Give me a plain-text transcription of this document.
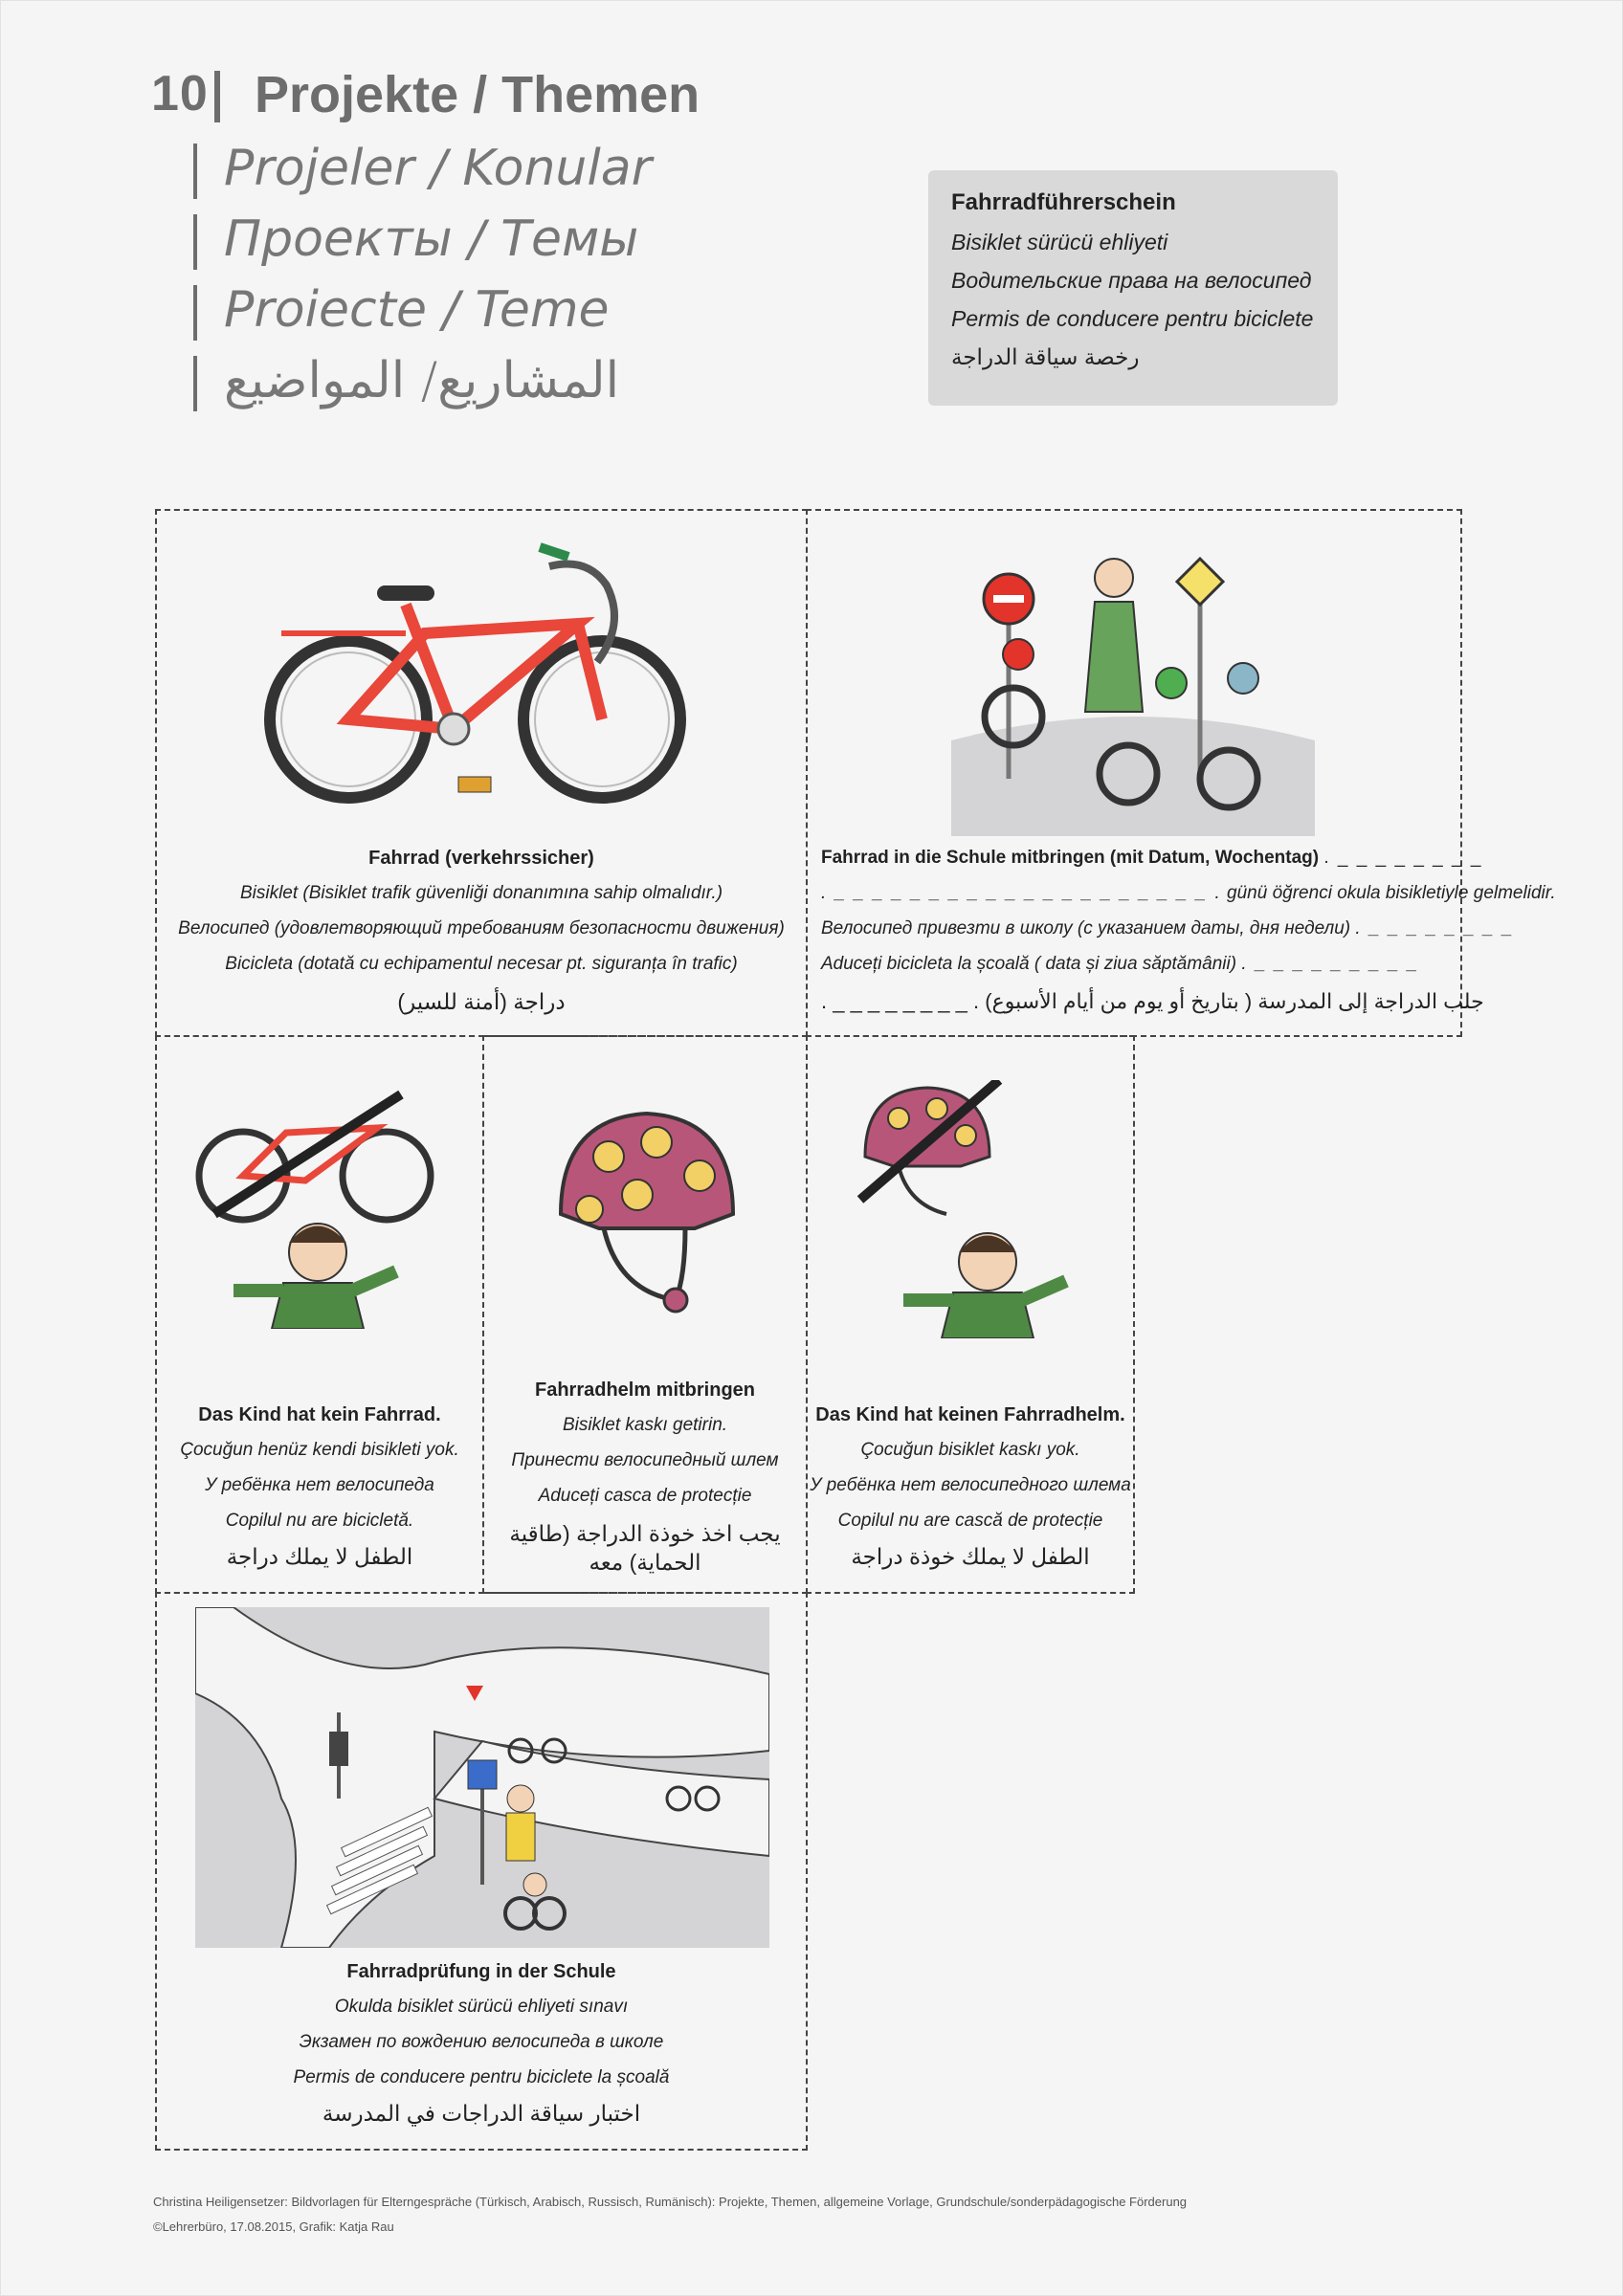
10 Projekte / Themen
Projeler / Konular
Проекты / Темы
Proiecte / Teme
المشاريع/ المواضيع
Fahrradführerschein
Bisiklet sürücü ehliyeti
Водительские права на велосипед
Permis de conducere pentru biciclete
رخصة سياقة الدراجة
Fahrrad (verkehrssicher)
Bisiklet (Bisiklet trafik güvenliği donanımına sahip olmalıdır.)
Велосипед (удовлетворяющий требованиям безопасности движения)
Bicicleta (dotată cu echipamentul necesar pt. siguranța în trafic)
دراجة (أمنة للسير)
Fahrrad in die Schule mitbringen (mit Datum, Wochentag) . _ _ _ _ _ _ _ _
. _ _ _ _ _ _ _ _ _ _ _ _ _ _ _ _ _ _ _ _ . günü öğrenci okula bisikletiyle gelmelidir.
Велосипед привезти в школу (с указанием даты, дня недели) . _ _ _ _ _ _ _ _
Aduceți bicicleta la școală ( data și ziua săptămânii) . _ _ _ _ _ _ _ _ _
. _ _ _ _ _ _ _ _ . جلب الدراجة إلى المدرسة ( بتاريخ أو يوم من أيام الأسبوع)
Das Kind hat kein Fahrrad.
Çocuğun henüz kendi bisikleti yok.
У ребёнка нет велосипеда
Copilul nu are bicicletă.
الطفل لا يملك دراجة
Fahrradhelm mitbringen
Bisiklet kaskı getirin.
Принести велосипедный шлем
Aduceți casca de protecție
يجب اخذ خوذة الدراجة (طاقية
الحماية) معه
Das Kind hat keinen Fahrradhelm.
Çocuğun bisiklet kaskı yok.
У ребёнка нет велосипедного шлема
Copilul nu are cască de protecție
الطفل لا يملك خوذة دراجة
Fahrradprüfung in der Schule
Okulda bisiklet sürücü ehliyeti sınavı
Экзамен по вождению велосипеда в школе
Permis de conducere pentru biciclete la școală
اختبار سياقة الدراجات في المدرسة
Christina Heiligensetzer: Bildvorlagen für Elterngespräche (Türkisch, Arabisch, Russisch, Rumänisch): Projekte, Themen, allgemeine Vorlage, Grundschule/sonderpädagogische Förderung
©Lehrerbüro, 17.08.2015, Grafik: Katja Rau
